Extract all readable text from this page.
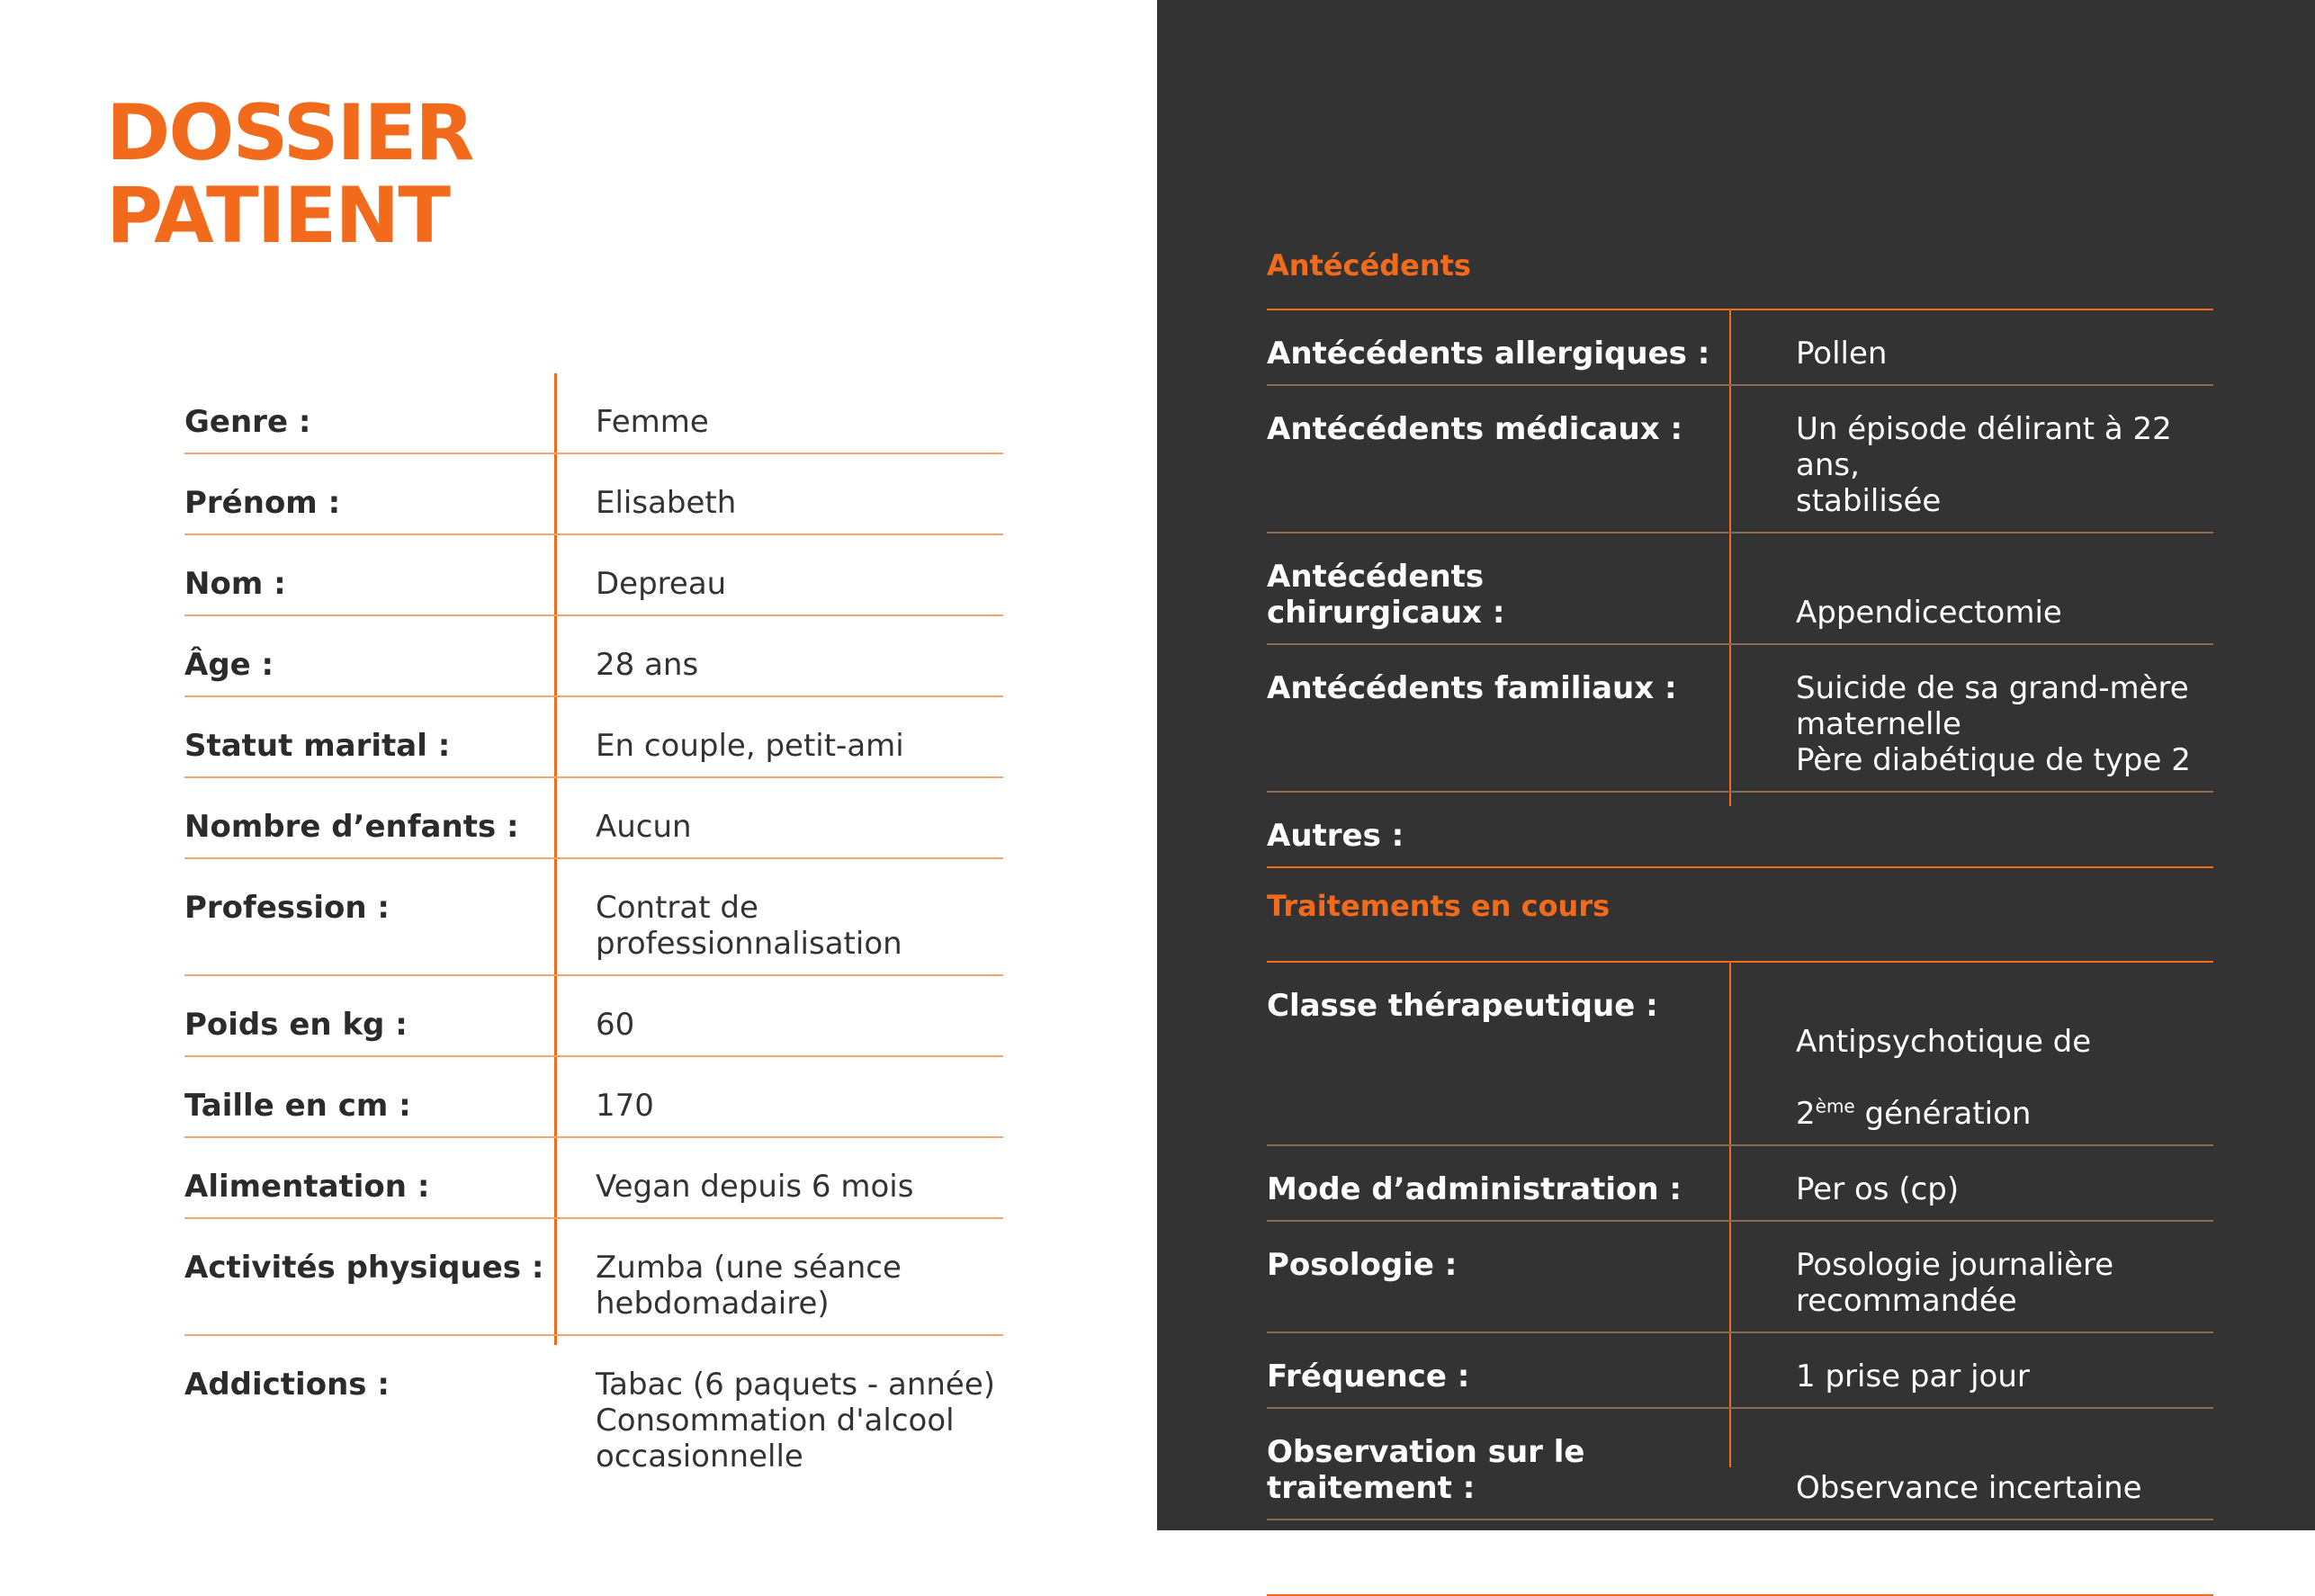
DOSSIER
PATIENT
Genre :	Femme
Prénom :	Elisabeth
Nom :	Depreau
Âge :	28 ans
Statut marital :	En couple, petit-ami
Nombre d’enfants :	Aucun
Profession :	Contrat de
professionnalisation
Poids en kg :	60
Taille en cm :	170
Alimentation :	Vegan depuis 6 mois
Activités physiques :	Zumba (une séance
hebdomadaire)
Addictions :	Tabac (6 paquets - année)
Consommation d'alcool
occasionnelle
Antécédents
Antécédents allergiques :	Pollen
Antécédents médicaux :	Un épisode délirant à 22 ans,
stabilisée
Antécédents
chirurgicaux :	Appendicectomie
Antécédents familiaux :	Suicide de sa grand-mère
maternelle
Père diabétique de type 2
Autres :
Traitements en cours
Classe thérapeutique :

Antipsychotique de

2ème génération

Mode d’administration :	Per os (cp)
Posologie :	Posologie journalière
recommandée
Fréquence :	1 prise par jour
Observation sur le
traitement :	Observance incertaine
Autre :	Contraception orale
